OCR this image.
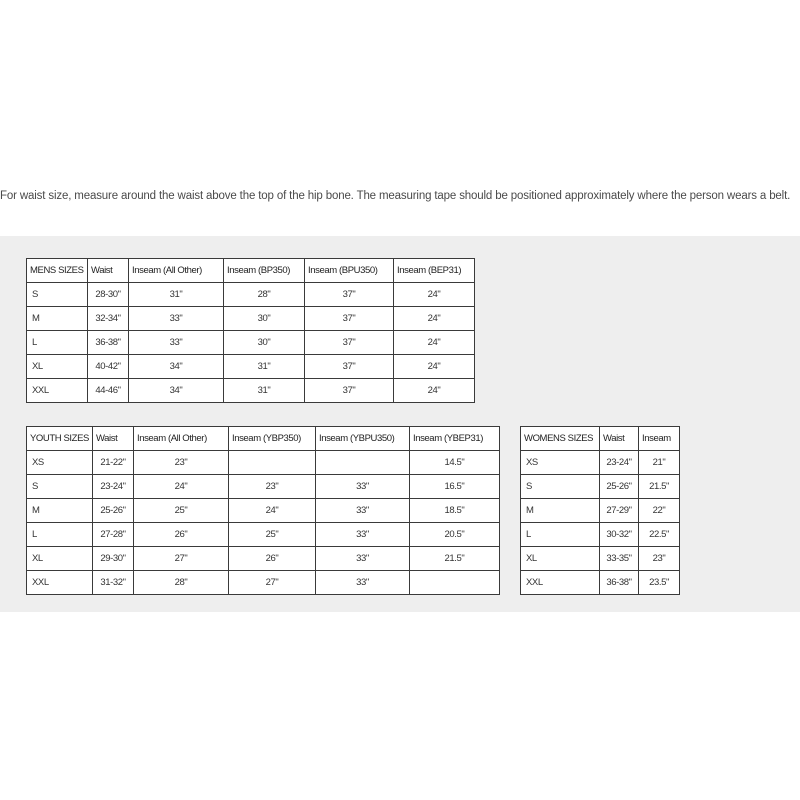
For waist size, measure around the waist above the top of the hip bone. The measuring tape should be positioned approximately where the person wears a belt.

MENS SIZES	Waist	Inseam (All Other)	Inseam (BP350)	Inseam (BPU350)	Inseam (BEP31)
S	28-30"	31"	28"	37"	24"
M	32-34"	33"	30"	37"	24"
L	36-38"	33"	30"	37"	24"
XL	40-42"	34"	31"	37"	24"
XXL	44-46"	34"	31"	37"	24"
YOUTH SIZES	Waist	Inseam (All Other)	Inseam (YBP350)	Inseam (YBPU350)	Inseam (YBEP31)
XS	21-22"	23"			14.5"
S	23-24"	24"	23"	33"	16.5"
M	25-26"	25"	24"	33"	18.5"
L	27-28"	26"	25"	33"	20.5"
XL	29-30"	27"	26"	33"	21.5"
XXL	31-32"	28"	27"	33"	
WOMENS SIZES	Waist	Inseam
XS	23-24"	21"
S	25-26"	21.5"
M	27-29"	22"
L	30-32"	22.5"
XL	33-35"	23"
XXL	36-38"	23.5"
